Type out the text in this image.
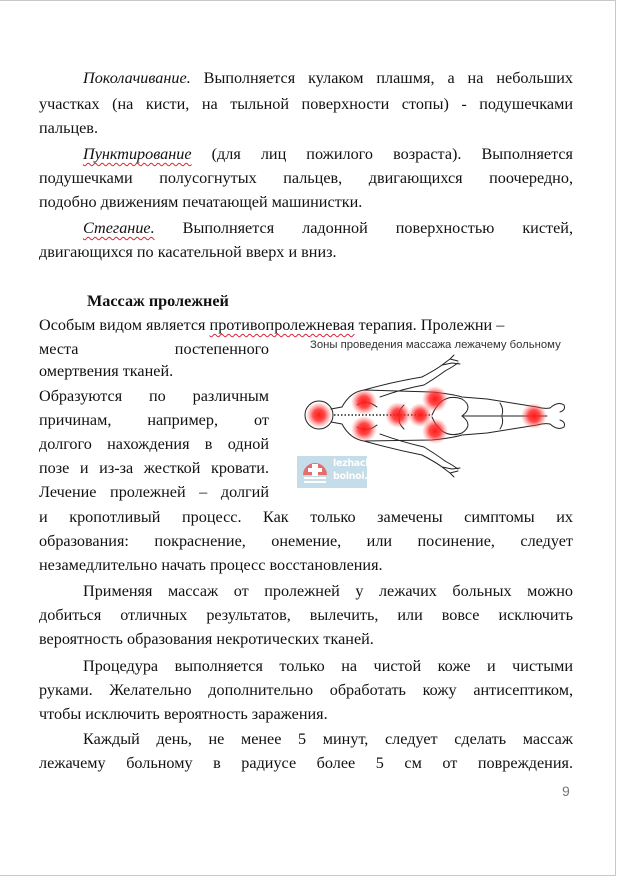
Поколачивание. Выполняется кулаком плашмя, а на небольших
участках (на кисти, на тыльной поверхности стопы) - подушечками
пальцев.
Пунктирование (для лиц пожилого возраста). Выполняется
подушечками полусогнутых пальцев, двигающихся поочередно,
подобно движениям печатающей машинистки.
Стегание. Выполняется ладонной поверхностью кистей,
двигающихся по касательной вверх и вниз.
Массаж пролежней
Особым видом является противопролежневая терапия. Пролежни –
места постепенного
омертвения тканей.
Образуются по различным
причинам, например, от
долгого нахождения в одной
позе и из-за жесткой кровати.
Лечение пролежней – долгий
Зоны проведения массажа лежачему больному
lezhachi-
bolnoi.ru
и кропотливый процесс. Как только замечены симптомы их
образования: покраснение, онемение, или посинение, следует
незамедлительно начать процесс восстановления.
Применяя массаж от пролежней у лежачих больных можно
добиться отличных результатов, вылечить, или вовсе исключить
вероятность образования некротических тканей.
Процедура выполняется только на чистой коже и чистыми
руками. Желательно дополнительно обработать кожу антисептиком,
чтобы исключить вероятность заражения.
Каждый день, не менее 5 минут, следует сделать массаж
лежачему больному в радиусе более 5 см от повреждения.
9
